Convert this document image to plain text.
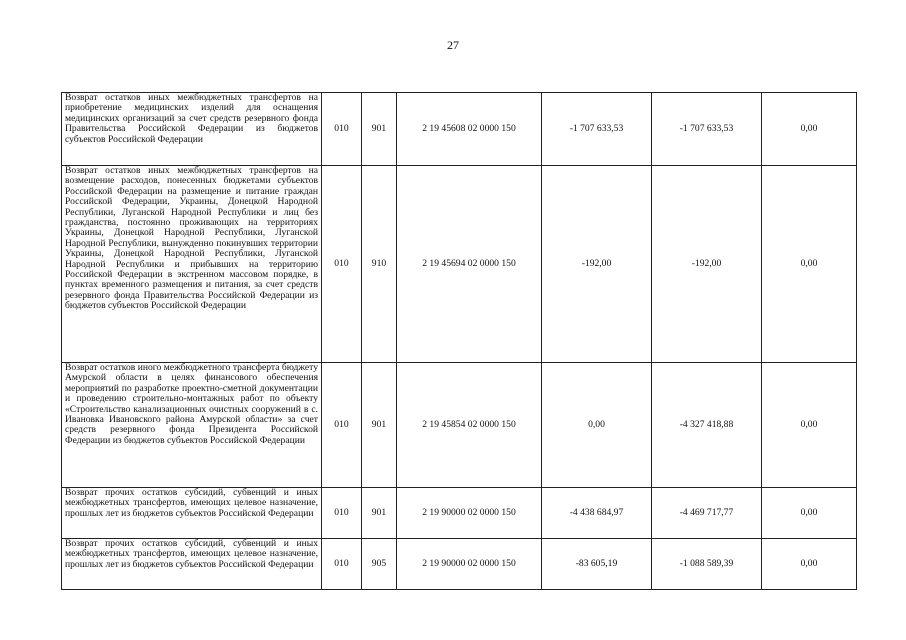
27
Возврат остатков иных межбюджетных трансфертов на приобретение медицинских изделий для оснащения медицинских организаций за счет средств резервного фонда Правительства Российской Федерации из бюджетов субъектов Российской Федерации	010	901	2 19 45608 02 0000 150	-1 707 633,53	-1 707 633,53	0,00
Возврат остатков иных межбюджетных трансфертов на возмещение расходов, понесенных бюджетами субъектов Российской Федерации на размещение и питание граждан Российской Федерации, Украины, Донецкой Народной Республики, Луганской Народной Республики и лиц без гражданства, постоянно проживающих на территориях Украины, Донецкой Народной Республики, Луганской Народной Республики, вынужденно покинувших территории Украины, Донецкой Народной Республики, Луганской Народной Республики и прибывших на территорию Российской Федерации в экстренном массовом порядке, в пунктах временного размещения и питания, за счет средств резервного фонда Правительства Российской Федерации из бюджетов субъектов Российской Федерации	010	910	2 19 45694 02 0000 150	-192,00	-192,00	0,00
Возврат остатков иного межбюджетного трансферта бюджету Амурской области в целях финансового обеспечения мероприятий по разработке проектно-сметной документации и проведению строительно-монтажных работ по объекту «Строительство канализационных очистных сооружений в с. Ивановка Ивановского района Амурской области» за счет средств резервного фонда Президента Российской Федерации из бюджетов субъектов Российской Федерации	010	901	2 19 45854 02 0000 150	0,00	-4 327 418,88	0,00
Возврат прочих остатков субсидий, субвенций и иных межбюджетных трансфертов, имеющих целевое назначение, прошлых лет из бюджетов субъектов Российской Федерации	010	901	2 19 90000 02 0000 150	-4 438 684,97	-4 469 717,77	0,00
Возврат прочих остатков субсидий, субвенций и иных межбюджетных трансфертов, имеющих целевое назначение, прошлых лет из бюджетов субъектов Российской Федерации	010	905	2 19 90000 02 0000 150	-83 605,19	-1 088 589,39	0,00
